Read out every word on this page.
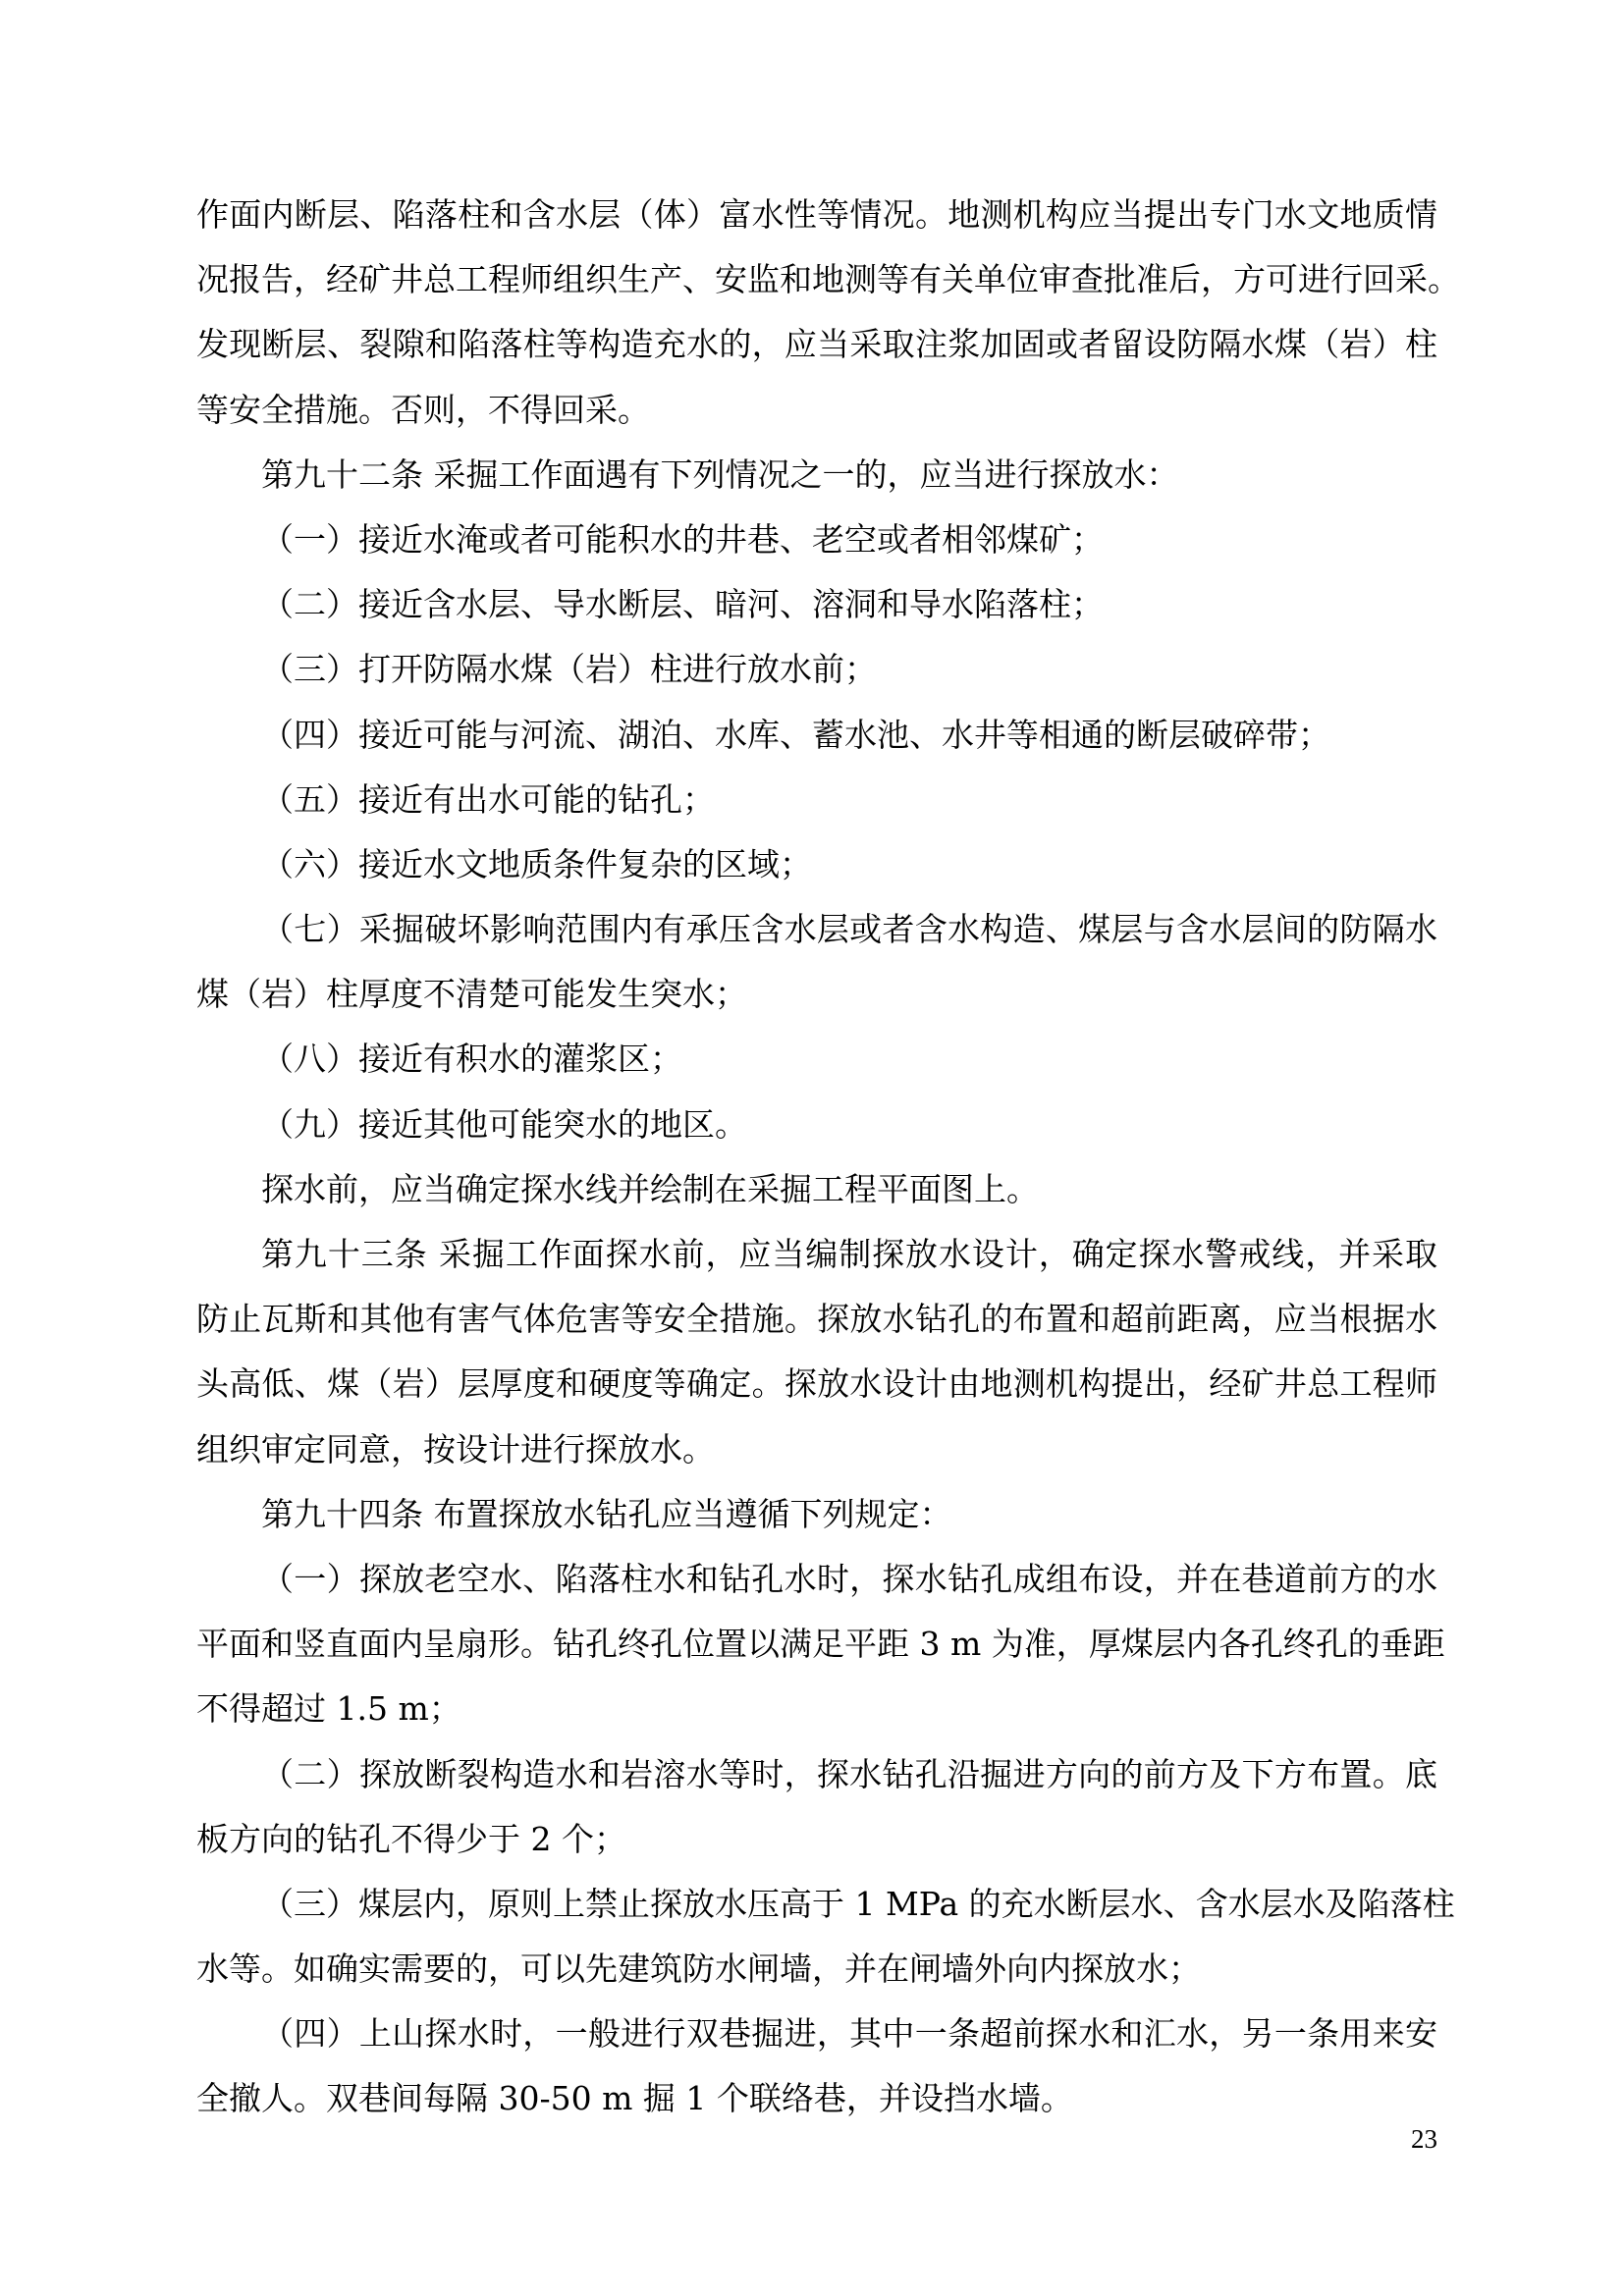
作面内断层、陷落柱和含水层（体）富水性等情况。地测机构应当提出专门水文地质情
况报告，经矿井总工程师组织生产、安监和地测等有关单位审查批准后，方可进行回采。
发现断层、裂隙和陷落柱等构造充水的，应当采取注浆加固或者留设防隔水煤（岩）柱
等安全措施。否则，不得回采。
第九十二条 采掘工作面遇有下列情况之一的，应当进行探放水：
（一）接近水淹或者可能积水的井巷、老空或者相邻煤矿；
（二）接近含水层、导水断层、暗河、溶洞和导水陷落柱；
（三）打开防隔水煤（岩）柱进行放水前；
（四）接近可能与河流、湖泊、水库、蓄水池、水井等相通的断层破碎带；
（五）接近有出水可能的钻孔；
（六）接近水文地质条件复杂的区域；
（七）采掘破坏影响范围内有承压含水层或者含水构造、煤层与含水层间的防隔水
煤（岩）柱厚度不清楚可能发生突水；
（八）接近有积水的灌浆区；
（九）接近其他可能突水的地区。
探水前，应当确定探水线并绘制在采掘工程平面图上。
第九十三条 采掘工作面探水前，应当编制探放水设计，确定探水警戒线，并采取
防止瓦斯和其他有害气体危害等安全措施。探放水钻孔的布置和超前距离，应当根据水
头高低、煤（岩）层厚度和硬度等确定。探放水设计由地测机构提出，经矿井总工程师
组织审定同意，按设计进行探放水。
第九十四条 布置探放水钻孔应当遵循下列规定：
（一）探放老空水、陷落柱水和钻孔水时，探水钻孔成组布设，并在巷道前方的水
平面和竖直面内呈扇形。钻孔终孔位置以满足平距 3 m 为准，厚煤层内各孔终孔的垂距
不得超过 1.5 m；
（二）探放断裂构造水和岩溶水等时，探水钻孔沿掘进方向的前方及下方布置。底
板方向的钻孔不得少于 2 个；
（三）煤层内，原则上禁止探放水压高于 1 MPa 的充水断层水、含水层水及陷落柱
水等。如确实需要的，可以先建筑防水闸墙，并在闸墙外向内探放水；
（四）上山探水时，一般进行双巷掘进，其中一条超前探水和汇水，另一条用来安
全撤人。双巷间每隔 30-50 m 掘 1 个联络巷，并设挡水墙。
23
